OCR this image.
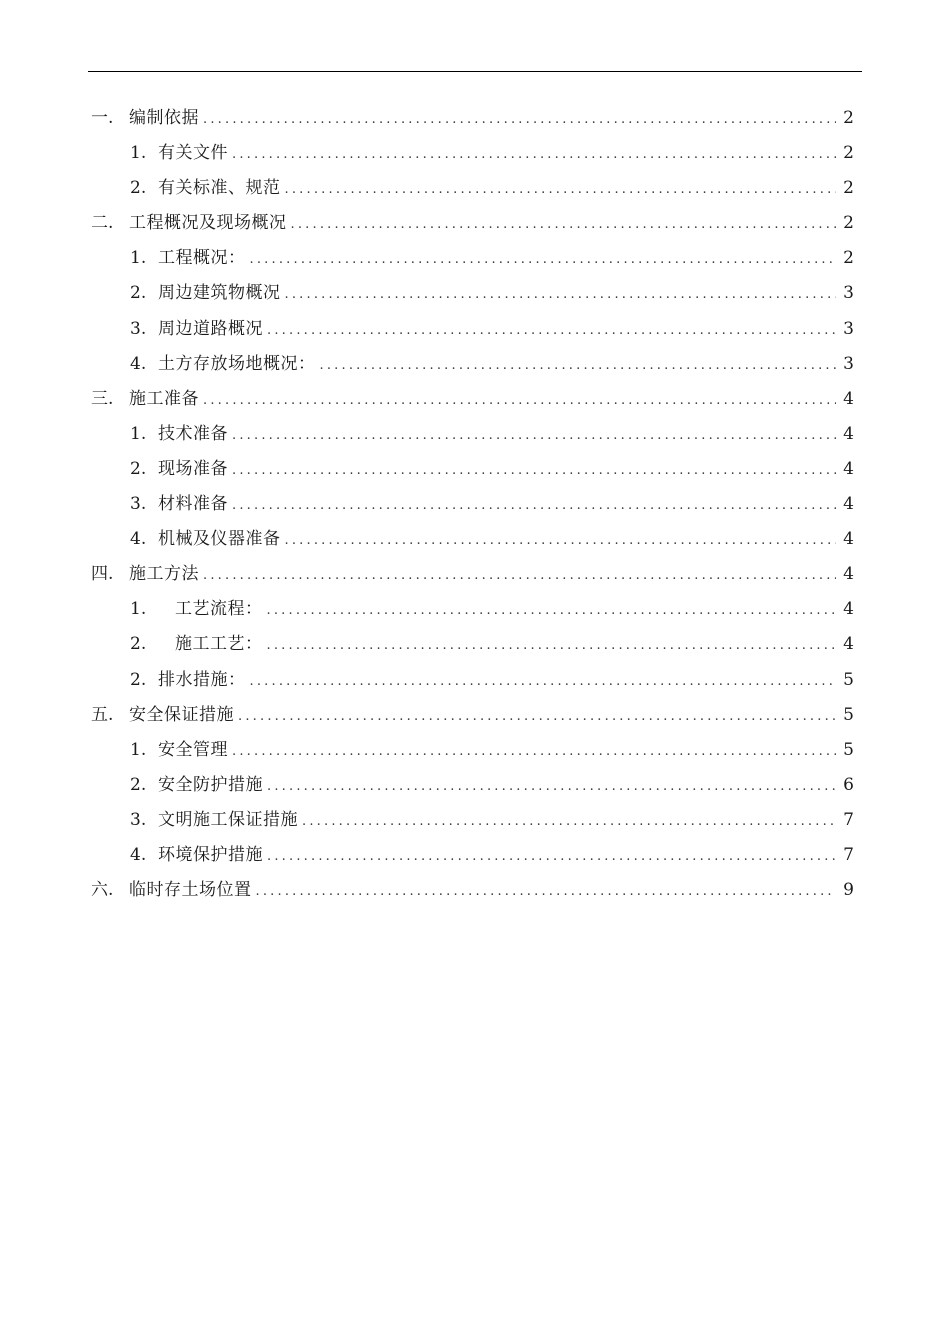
一. 编制依据 .....	2
1. 有关文件 .....	2
2. 有关标准、规范 .....	2
二. 工程概况及现场概况 .....	2
1. 工程概况： .....	2
2. 周边建筑物概况 .....	3
3. 周边道路概况 .....	3
4. 土方存放场地概况： .....	3
三. 施工准备 .....	4
1. 技术准备 .....	4
2. 现场准备 .....	4
3. 材料准备 .....	4
4. 机械及仪器准备 .....	4
四. 施工方法 .....	4
1.	工艺流程： .....	4
2.	施工工艺： .....	4
2. 排水措施： .....	5
五. 安全保证措施 .....	5
1. 安全管理 .....	5
2. 安全防护措施 .....	6
3. 文明施工保证措施 .....	7
4. 环境保护措施 .....	7
六. 临时存土场位置 .....	9
